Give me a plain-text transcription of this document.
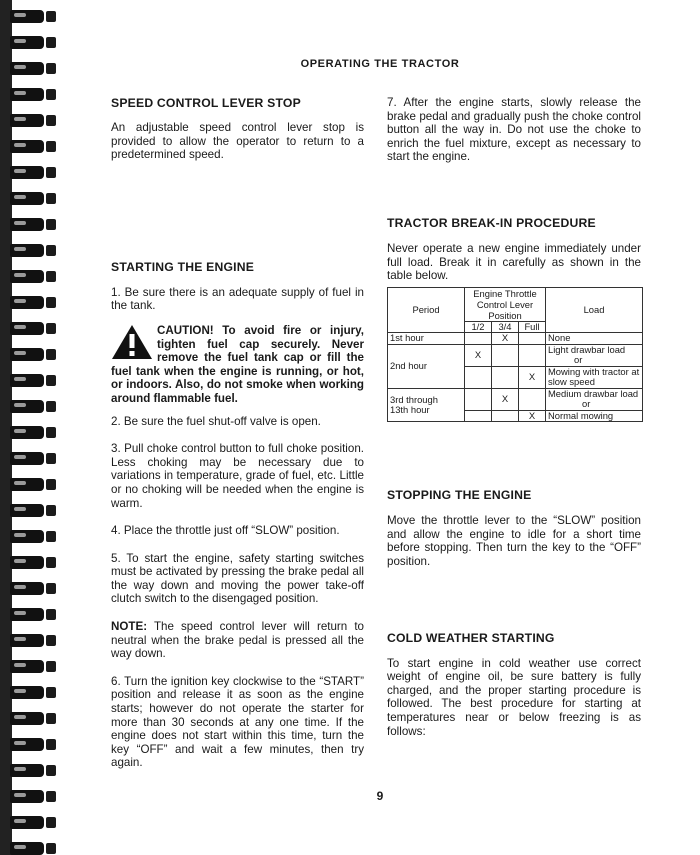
OPERATING THE TRACTOR
SPEED CONTROL LEVER STOP

An adjustable speed control lever stop is provided to allow the operator to return to a predetermined speed.

STARTING THE ENGINE

1. Be sure there is an adequate supply of fuel in the tank.

CAUTION! To avoid fire or injury, tighten fuel cap securely. Never remove the fuel tank cap or fill the fuel tank when the engine is running, or hot, or indoors. Also, do not smoke when working around flammable fuel.

2. Be sure the fuel shut-off valve is open.

3. Pull choke control button to full choke position. Less choking may be necessary due to variations in temperature, grade of fuel, etc. Little or no choking will be needed when the engine is warm.

4. Place the throttle just off “SLOW” position.

5. To start the engine, safety starting switches must be activated by pressing the brake pedal all the way down and moving the power take-off clutch switch to the disengaged position.

NOTE: The speed control lever will return to neutral when the brake pedal is pressed all the way down.

6. Turn the ignition key clockwise to the “START” position and release it as soon as the engine starts; however do not operate the starter for more than 30 seconds at any one time. If the engine does not start within this time, turn the key “OFF” and wait a few minutes, then try again.

7. After the engine starts, slowly release the brake pedal and gradually push the choke control button all the way in. Do not use the choke to enrich the fuel mixture, except as necessary to start the engine.

TRACTOR BREAK-IN PROCEDURE

Never operate a new engine immediately under full load. Break it in carefully as shown in the table below.

Period	Engine Throttle Control Lever Position			Load
	1/2	3/4	Full	
1st hour		X		None
2nd hour	X			Light drawbar load
or
			X	Mowing with tractor at slow speed
3rd through
13th hour		X		Medium drawbar load
or
			X	Normal mowing
STOPPING THE ENGINE

Move the throttle lever to the “SLOW” position and allow the engine to idle for a short time before stopping. Then turn the key to the “OFF” position.

COLD WEATHER STARTING

To start engine in cold weather use correct weight of engine oil, be sure battery is fully charged, and the proper starting procedure is followed. The best procedure for starting at temperatures near or below freezing is as follows:

9
